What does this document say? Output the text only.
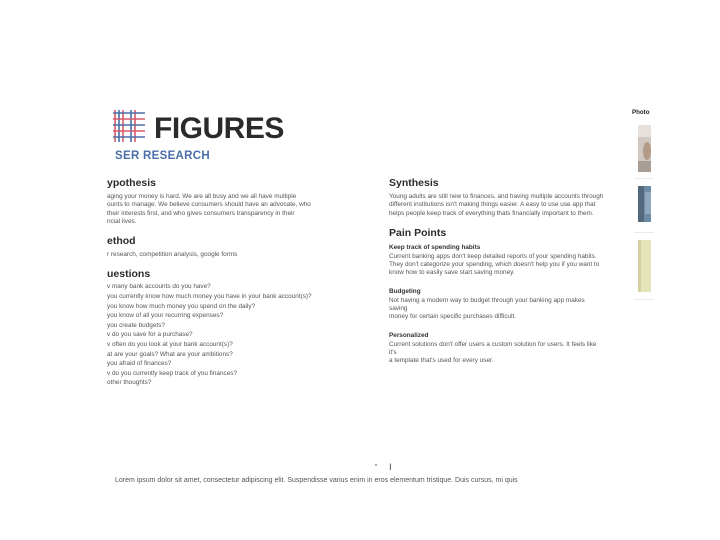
FIGURES
SER RESEARCH
ypothesis

aging your money is hard. We are all busy and we all have multiple

ounts to manage. We believe consumers should have an advocate, who

their interests first, and who gives consumers transparency in their

ncial lives.

ethod

r research, competition analysis, google forms

uestions
v many bank accounts do you have?
you currently know how much money you have in your bank account(s)?
you know how much money you spend on the daily?
you know of all your recurring expenses?
you create budgets?
v do you save for a purchase?
v often do you look at your bank account(s)?
at are your goals? What are your ambitions?
you afraid of finances?
v do you currently keep track of you finances?
other thoughts?
Synthesis

Young adults are still new to finances, and having multiple accounts through

different institutions isn't making things easier. A easy to use use app that

helps people keep track of everything thats financially important to them.

Pain Points

Keep track of spending habits

Current banking apps don't keep detailed reports of your spending habits.

They don't categorize your spending, which doesn't help you if you want to

know how to easily save start saving money.

Budgeting

Not having a modern way to budget through your banking app makes saving

money for certain specific purchases difficult.

Personalized

Current solutions don't offer users a custom solution for users. It feels like it's

a template that's used for every user.

Photo
I
Lorem ipsum dolor sit amet, consectetur adipiscing elit. Suspendisse varius enim in eros elementum tristique. Duis cursus, mi quis
